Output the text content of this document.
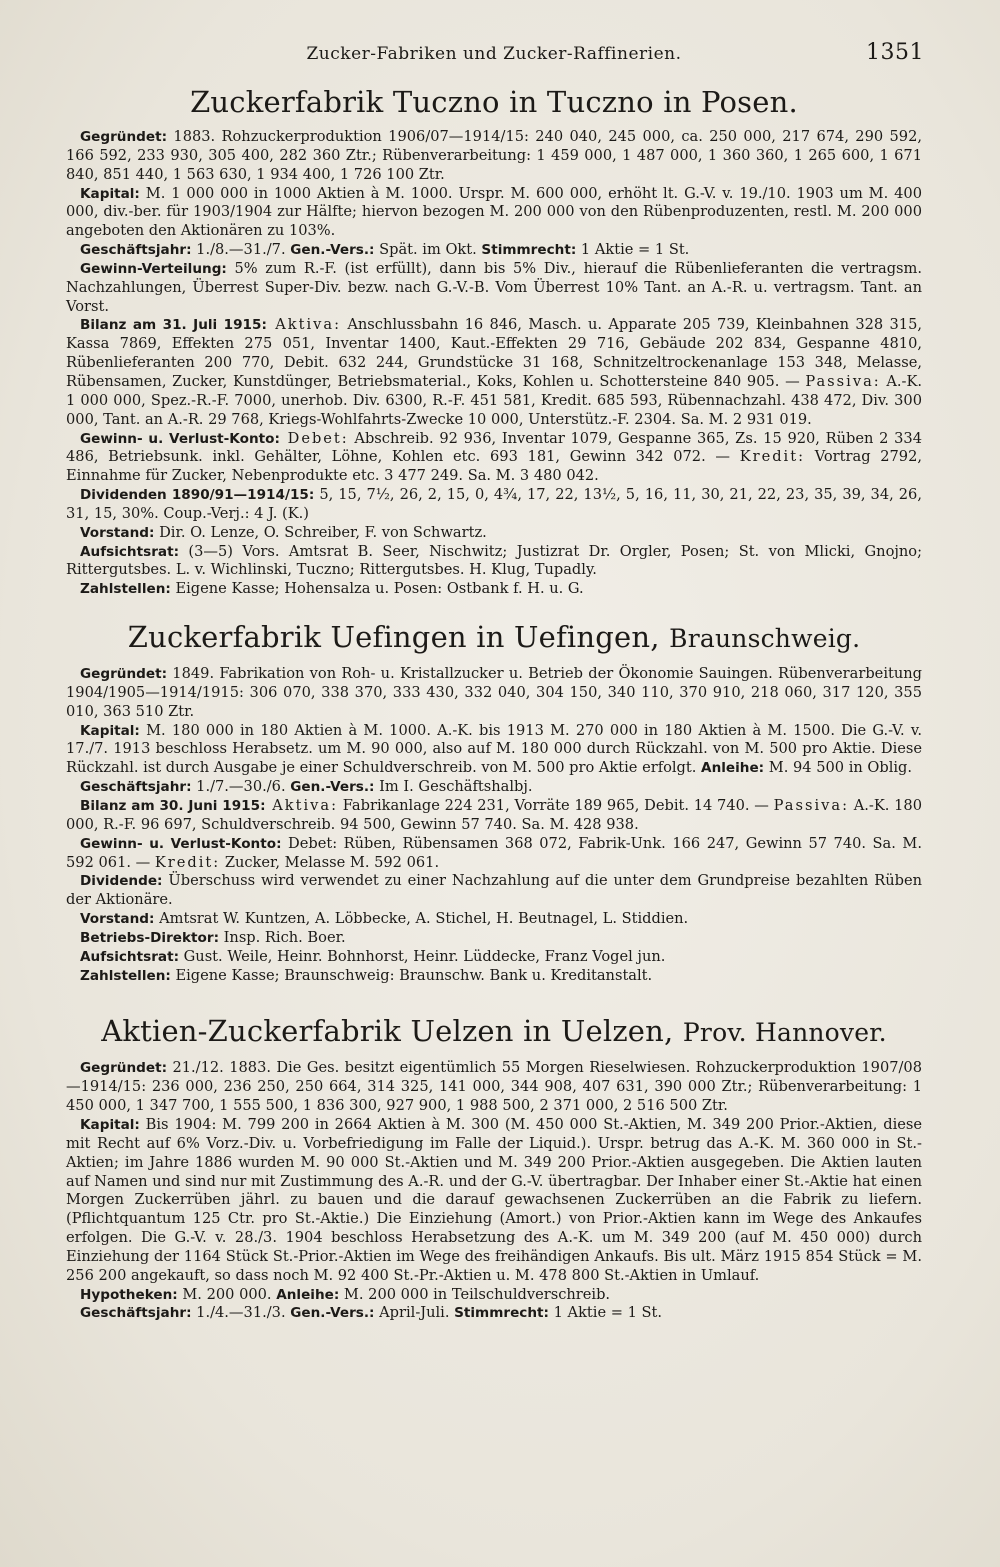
Zucker-Fabriken und Zucker-Raffinerien.	1351
Zuckerfabrik Tuczno in Tuczno in Posen.

Gegründet: 1883. Rohzuckerproduktion 1906/07—1914/15: 240 040, 245 000, ca. 250 000, 217 674, 290 592, 166 592, 233 930, 305 400, 282 360 Ztr.; Rübenverarbeitung: 1 459 000, 1 487 000, 1 360 360, 1 265 600, 1 671 840, 851 440, 1 563 630, 1 934 400, 1 726 100 Ztr.

Kapital: M. 1 000 000 in 1000 Aktien à M. 1000. Urspr. M. 600 000, erhöht lt. G.-V. v. 19./10. 1903 um M. 400 000, div.-ber. für 1903/1904 zur Hälfte; hiervon bezogen M. 200 000 von den Rübenproduzenten, restl. M. 200 000 angeboten den Aktionären zu 103%.

Geschäftsjahr: 1./8.—31./7. Gen.-Vers.: Spät. im Okt. Stimmrecht: 1 Aktie = 1 St.

Gewinn-Verteilung: 5% zum R.-F. (ist erfüllt), dann bis 5% Div., hierauf die Rübenlieferanten die vertragsm. Nachzahlungen, Überrest Super-Div. bezw. nach G.-V.-B. Vom Überrest 10% Tant. an A.-R. u. vertragsm. Tant. an Vorst.

Bilanz am 31. Juli 1915: Aktiva: Anschlussbahn 16 846, Masch. u. Apparate 205 739, Kleinbahnen 328 315, Kassa 7869, Effekten 275 051, Inventar 1400, Kaut.-Effekten 29 716, Gebäude 202 834, Gespanne 4810, Rübenlieferanten 200 770, Debit. 632 244, Grundstücke 31 168, Schnitzeltrockenanlage 153 348, Melasse, Rübensamen, Zucker, Kunstdünger, Betriebsmaterial., Koks, Kohlen u. Schottersteine 840 905. — Passiva: A.-K. 1 000 000, Spez.-R.-F. 7000, unerhob. Div. 6300, R.-F. 451 581, Kredit. 685 593, Rübennachzahl. 438 472, Div. 300 000, Tant. an A.-R. 29 768, Kriegs-Wohlfahrts-Zwecke 10 000, Unterstütz.-F. 2304. Sa. M. 2 931 019.

Gewinn- u. Verlust-Konto: Debet: Abschreib. 92 936, Inventar 1079, Gespanne 365, Zs. 15 920, Rüben 2 334 486, Betriebsunk. inkl. Gehälter, Löhne, Kohlen etc. 693 181, Gewinn 342 072. — Kredit: Vortrag 2792, Einnahme für Zucker, Nebenprodukte etc. 3 477 249. Sa. M. 3 480 042.

Dividenden 1890/91—1914/15: 5, 15, 7½, 26, 2, 15, 0, 4¾, 17, 22, 13½, 5, 16, 11, 30, 21, 22, 23, 35, 39, 34, 26, 31, 15, 30%. Coup.-Verj.: 4 J. (K.)

Vorstand: Dir. O. Lenze, O. Schreiber, F. von Schwartz.

Aufsichtsrat: (3—5) Vors. Amtsrat B. Seer, Nischwitz; Justizrat Dr. Orgler, Posen; St. von Mlicki, Gnojno; Rittergutsbes. L. v. Wichlinski, Tuczno; Rittergutsbes. H. Klug, Tupadly.

Zahlstellen: Eigene Kasse; Hohensalza u. Posen: Ostbank f. H. u. G.

Zuckerfabrik Uefingen in Uefingen, Braunschweig.

Gegründet: 1849. Fabrikation von Roh- u. Kristallzucker u. Betrieb der Ökonomie Sauingen. Rübenverarbeitung 1904/1905—1914/1915: 306 070, 338 370, 333 430, 332 040, 304 150, 340 110, 370 910, 218 060, 317 120, 355 010, 363 510 Ztr.

Kapital: M. 180 000 in 180 Aktien à M. 1000. A.-K. bis 1913 M. 270 000 in 180 Aktien à M. 1500. Die G.-V. v. 17./7. 1913 beschloss Herabsetz. um M. 90 000, also auf M. 180 000 durch Rückzahl. von M. 500 pro Aktie. Diese Rückzahl. ist durch Ausgabe je einer Schuldverschreib. von M. 500 pro Aktie erfolgt. Anleihe: M. 94 500 in Oblig.

Geschäftsjahr: 1./7.—30./6. Gen.-Vers.: Im I. Geschäftshalbj.

Bilanz am 30. Juni 1915: Aktiva: Fabrikanlage 224 231, Vorräte 189 965, Debit. 14 740. — Passiva: A.-K. 180 000, R.-F. 96 697, Schuldverschreib. 94 500, Gewinn 57 740. Sa. M. 428 938.

Gewinn- u. Verlust-Konto: Debet: Rüben, Rübensamen 368 072, Fabrik-Unk. 166 247, Gewinn 57 740. Sa. M. 592 061. — Kredit: Zucker, Melasse M. 592 061.

Dividende: Überschuss wird verwendet zu einer Nachzahlung auf die unter dem Grundpreise bezahlten Rüben der Aktionäre.

Vorstand: Amtsrat W. Kuntzen, A. Löbbecke, A. Stichel, H. Beutnagel, L. Stiddien.

Betriebs-Direktor: Insp. Rich. Boer.

Aufsichtsrat: Gust. Weile, Heinr. Bohnhorst, Heinr. Lüddecke, Franz Vogel jun.

Zahlstellen: Eigene Kasse; Braunschweig: Braunschw. Bank u. Kreditanstalt.

Aktien-Zuckerfabrik Uelzen in Uelzen, Prov. Hannover.

Gegründet: 21./12. 1883. Die Ges. besitzt eigentümlich 55 Morgen Rieselwiesen. Rohzuckerproduktion 1907/08—1914/15: 236 000, 236 250, 250 664, 314 325, 141 000, 344 908, 407 631, 390 000 Ztr.; Rübenverarbeitung: 1 450 000, 1 347 700, 1 555 500, 1 836 300, 927 900, 1 988 500, 2 371 000, 2 516 500 Ztr.

Kapital: Bis 1904: M. 799 200 in 2664 Aktien à M. 300 (M. 450 000 St.-Aktien, M. 349 200 Prior.-Aktien, diese mit Recht auf 6% Vorz.-Div. u. Vorbefriedigung im Falle der Liquid.). Urspr. betrug das A.-K. M. 360 000 in St.-Aktien; im Jahre 1886 wurden M. 90 000 St.-Aktien und M. 349 200 Prior.-Aktien ausgegeben. Die Aktien lauten auf Namen und sind nur mit Zustimmung des A.-R. und der G.-V. übertragbar. Der Inhaber einer St.-Aktie hat einen Morgen Zuckerrüben jährl. zu bauen und die darauf gewachsenen Zuckerrüben an die Fabrik zu liefern. (Pflichtquantum 125 Ctr. pro St.-Aktie.) Die Einziehung (Amort.) von Prior.-Aktien kann im Wege des Ankaufes erfolgen. Die G.-V. v. 28./3. 1904 beschloss Herabsetzung des A.-K. um M. 349 200 (auf M. 450 000) durch Einziehung der 1164 Stück St.-Prior.-Aktien im Wege des freihändigen Ankaufs. Bis ult. März 1915 854 Stück = M. 256 200 angekauft, so dass noch M. 92 400 St.-Pr.-Aktien u. M. 478 800 St.-Aktien in Umlauf.

Hypotheken: M. 200 000. Anleihe: M. 200 000 in Teilschuldverschreib.

Geschäftsjahr: 1./4.—31./3. Gen.-Vers.: April-Juli. Stimmrecht: 1 Aktie = 1 St.
